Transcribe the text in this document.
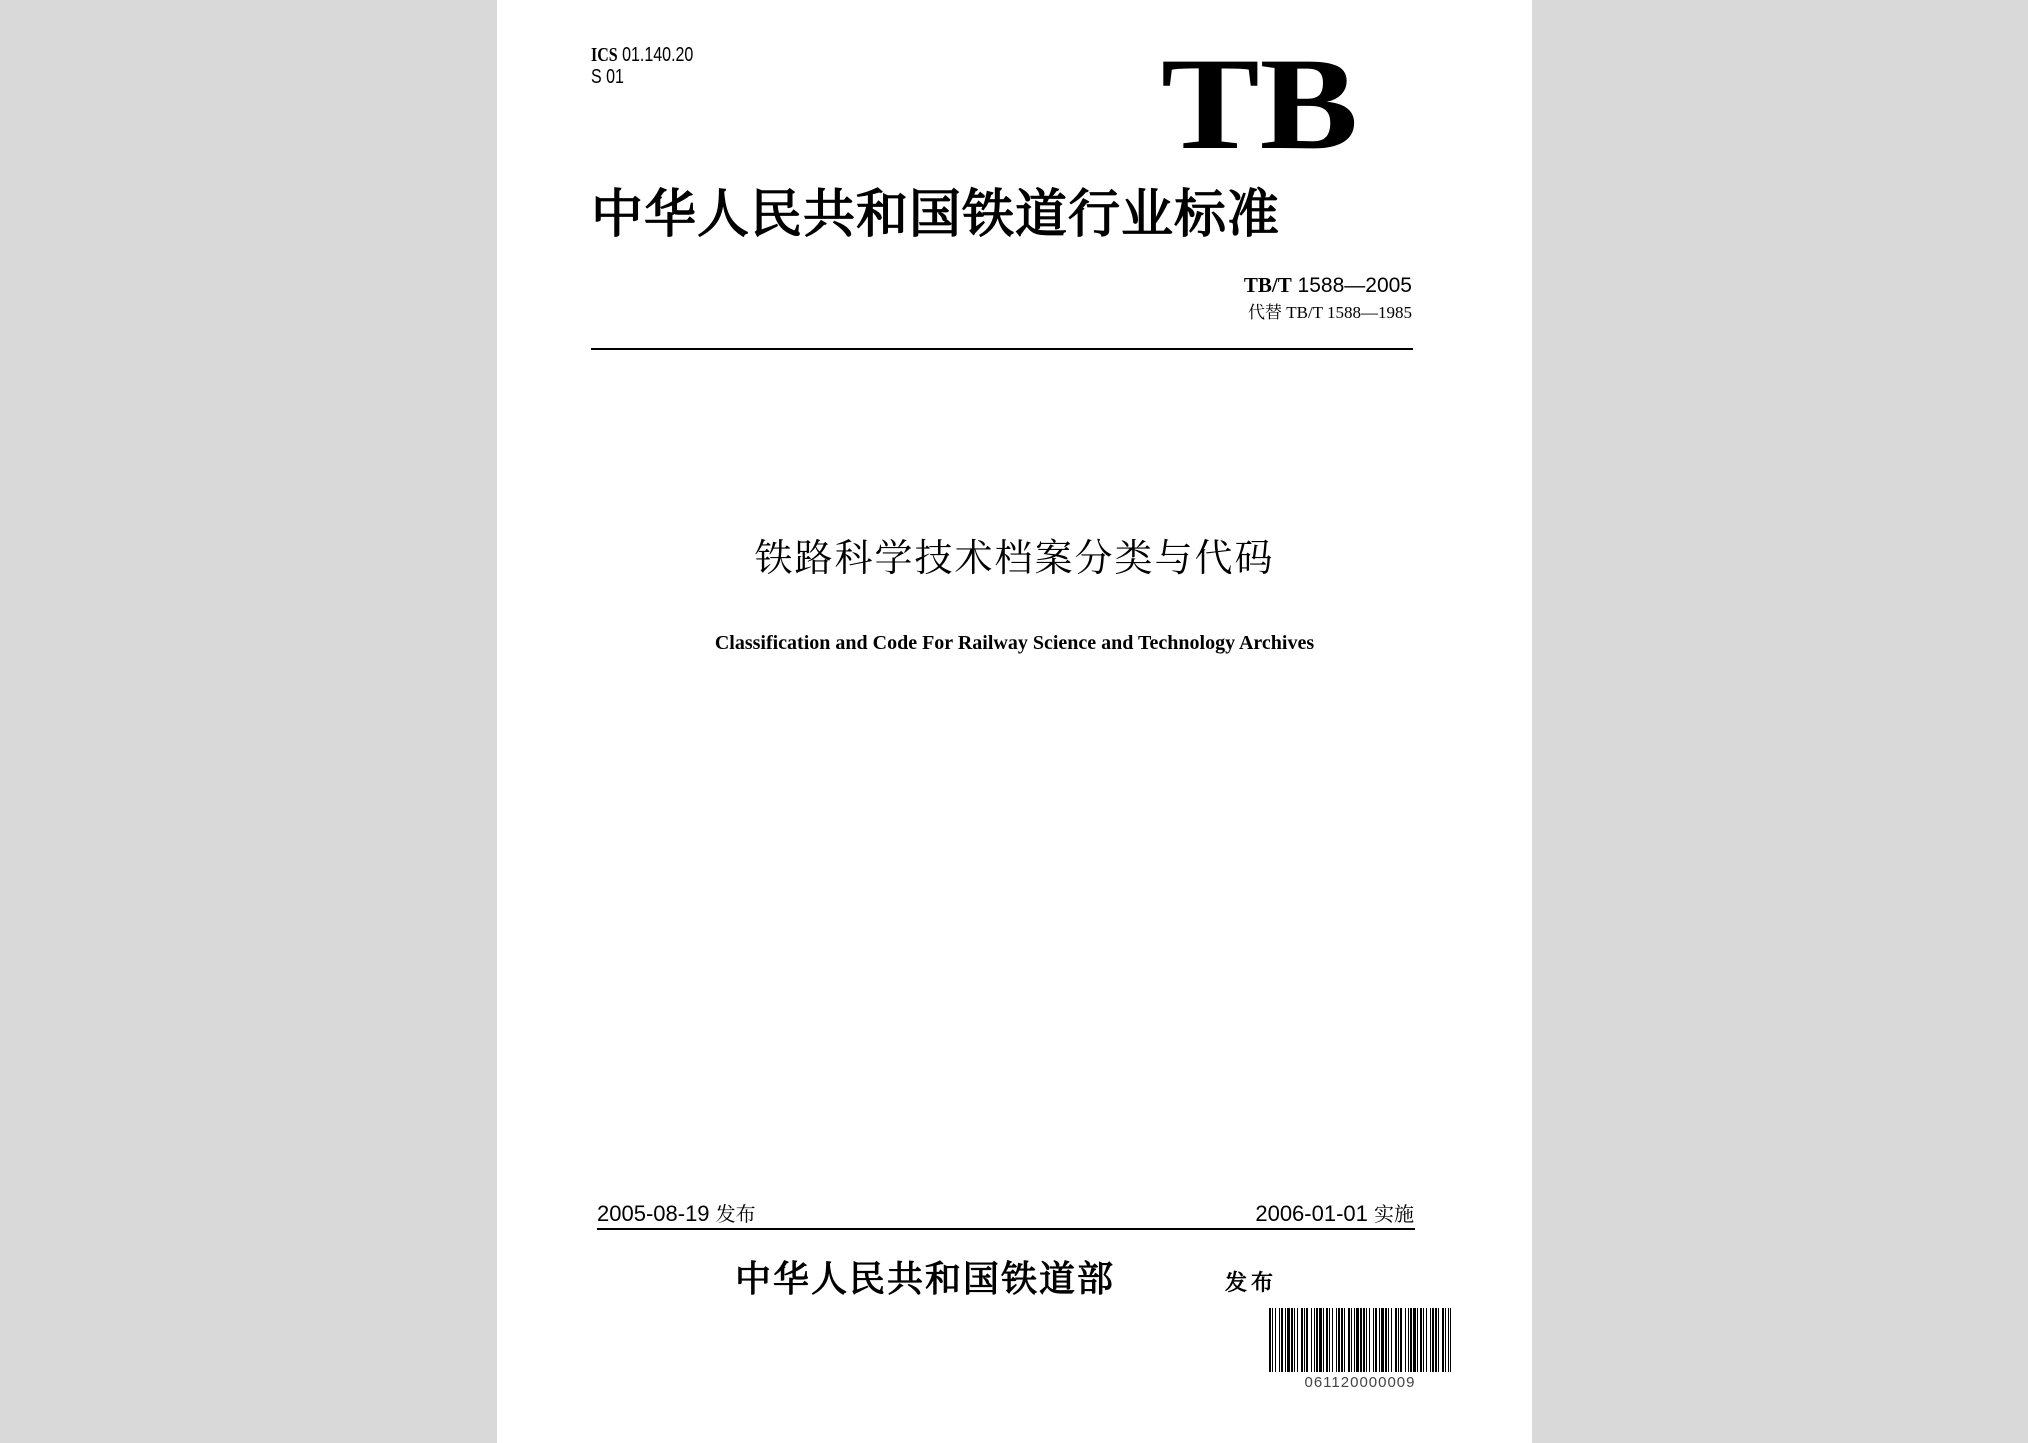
ICS 01.140.20
S 01	TB
中华人民共和国铁道行业标准
TB/T 1588—2005
代替 TB/T 1588—1985
铁路科学技术档案分类与代码
Classification and Code For Railway Science and Technology Archives
2005-08-19 发布	2006-01-01 实施
中华人民共和国铁道部	发布
061120000009
